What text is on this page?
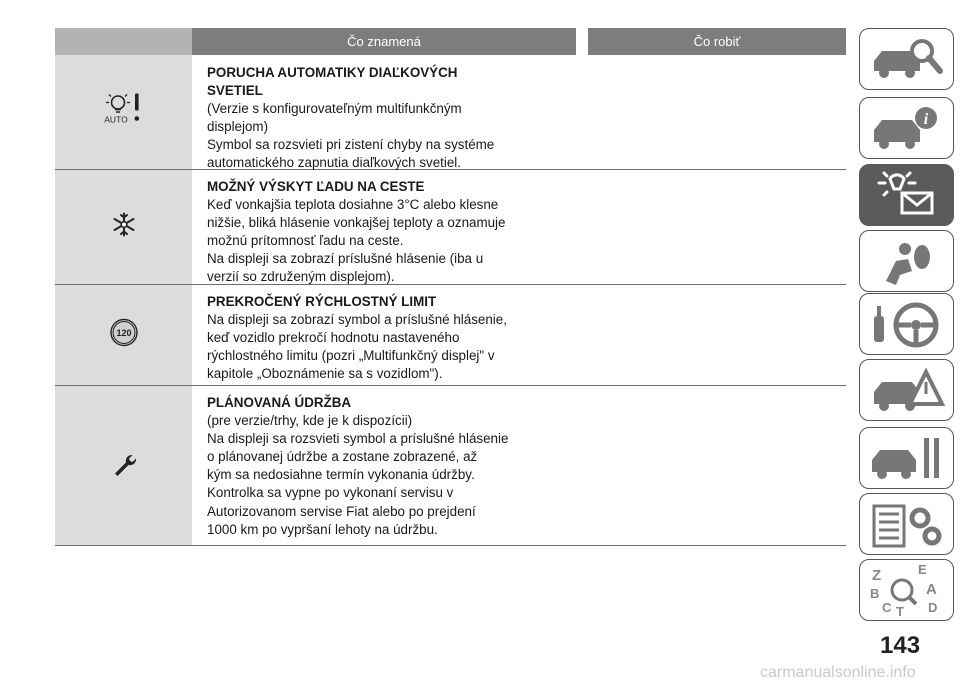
Čo znamená	Čo robiť
AUTO
PORUCHA AUTOMATIKY DIAĽKOVÝCH
SVETIEL
(Verzie s konfigurovateľným multifunkčným
displejom)
Symbol sa rozsvieti pri zistení chyby na systéme
automatického zapnutia diaľkových svetiel.
MOŽNÝ VÝSKYT ĽADU NA CESTE
Keď vonkajšia teplota dosiahne 3°C alebo klesne
nižšie, bliká hlásenie vonkajšej teploty a oznamuje
možnú prítomnosť ľadu na ceste.
Na displeji sa zobrazí príslušné hlásenie (iba u
verzií so združeným displejom).
120
PREKROČENÝ RÝCHLOSTNÝ LIMIT
Na displeji sa zobrazí symbol a príslušné hlásenie,
keď vozidlo prekročí hodnotu nastaveného
rýchlostného limitu (pozri „Multifunkčný displej" v
kapitole „Oboznámenie sa s vozidlom").
PLÁNOVANÁ ÚDRŽBA
(pre verzie/trhy, kde je k dispozícii)
Na displeji sa rozsvieti symbol a príslušné hlásenie
o plánovanej údržbe a zostane zobrazené, až
kým sa nedosiahne termín vykonania údržby.
Kontrolka sa vypne po vykonaní servisu v
Autorizovanom servise Fiat alebo po prejdení
1000 km po vypršaní lehoty na údržbu.
i
Z	E
A
B
C T D
143
carmanualsonline.info
